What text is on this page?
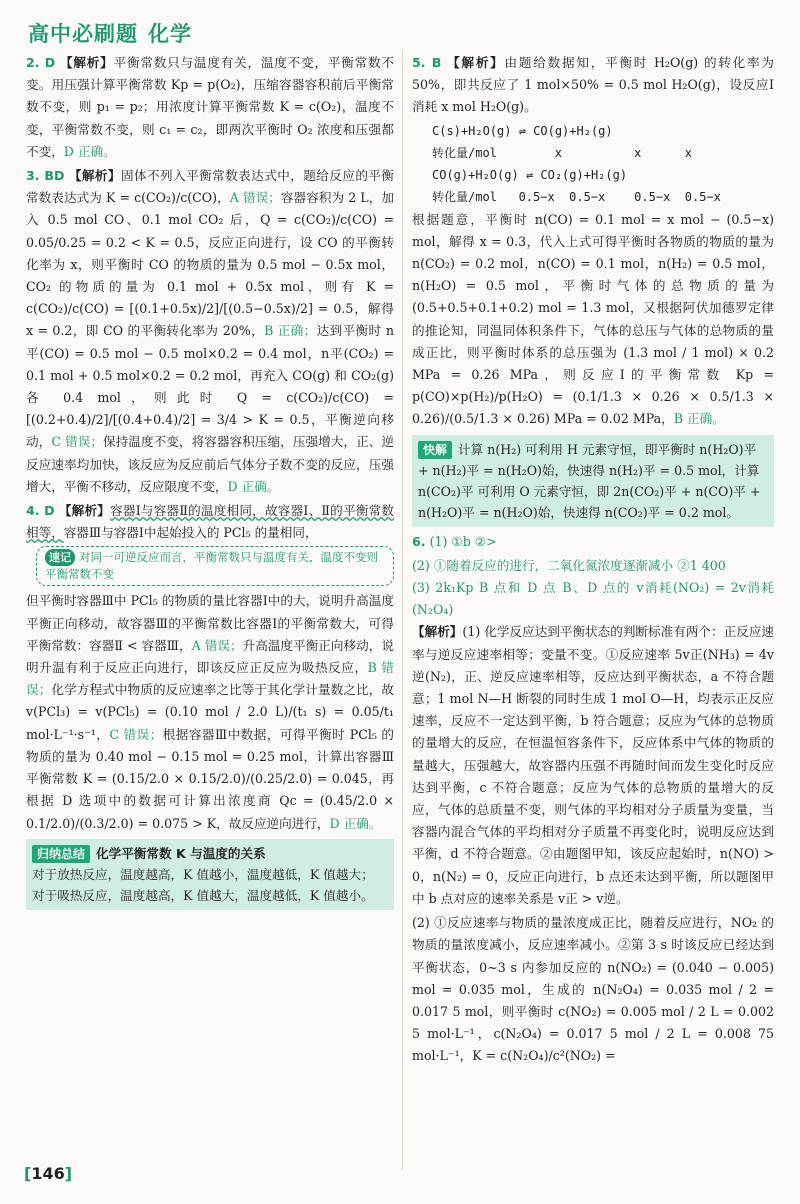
高中必刷题 化学

2. D 【解析】平衡常数只与温度有关，温度不变，平衡常数不变。用压强计算平衡常数 Kp = p(O₂)，压缩容器容积前后平衡常数不变，则 p₁ = p₂；用浓度计算平衡常数 K = c(O₂)，温度不变，平衡常数不变，则 c₁ = c₂，即两次平衡时 O₂ 浓度和压强都不变，D 正确。

3. BD 【解析】固体不列入平衡常数表达式中，题给反应的平衡常数表达式为 K = c(CO₂)/c(CO)，A 错误；容器容积为 2 L，加入 0.5 mol CO、0.1 mol CO₂ 后，Q = c(CO₂)/c(CO) = 0.05/0.25 = 0.2 < K = 0.5，反应正向进行，设 CO 的平衡转化率为 x，则平衡时 CO 的物质的量为 0.5 mol − 0.5x mol，CO₂ 的物质的量为 0.1 mol + 0.5x mol，则有 K = c(CO₂)/c(CO) = [(0.1+0.5x)/2]/[(0.5−0.5x)/2] = 0.5，解得 x = 0.2，即 CO 的平衡转化率为 20%，B 正确；达到平衡时 n平(CO) = 0.5 mol − 0.5 mol×0.2 = 0.4 mol，n平(CO₂) = 0.1 mol + 0.5 mol×0.2 = 0.2 mol，再充入 CO(g) 和 CO₂(g) 各 0.4 mol，则此时 Q = c(CO₂)/c(CO) = [(0.2+0.4)/2]/[(0.4+0.4)/2] = 3/4 > K = 0.5，平衡逆向移动，C 错误；保持温度不变，将容器容积压缩，压强增大，正、逆反应速率均加快，该反应为反应前后气体分子数不变的反应，压强增大，平衡不移动，反应限度不变，D 正确。

4. D 【解析】容器Ⅰ与容器Ⅱ的温度相同，故容器Ⅰ、Ⅱ的平衡常数相等，容器Ⅲ与容器Ⅰ中起始投入的 PCl₅ 的量相同，

速记 对同一可逆反应而言，平衡常数只与温度有关，温度不变则平衡常数不变

但平衡时容器Ⅲ中 PCl₅ 的物质的量比容器Ⅰ中的大，说明升高温度平衡正向移动，故容器Ⅲ的平衡常数比容器Ⅰ的平衡常数大，可得平衡常数：容器Ⅱ < 容器Ⅲ，A 错误；升高温度平衡正向移动，说明升温有利于反应正向进行，即该反应正反应为吸热反应，B 错误；化学方程式中物质的反应速率之比等于其化学计量数之比，故 v(PCl₃) = v(PCl₅) = (0.10 mol / 2.0 L)/(t₁ s) = 0.05/t₁ mol·L⁻¹·s⁻¹，C 错误；根据容器Ⅲ中数据，可得平衡时 PCl₅ 的物质的量为 0.40 mol − 0.15 mol = 0.25 mol，计算出容器Ⅲ平衡常数 K = (0.15/2.0 × 0.15/2.0)/(0.25/2.0) = 0.045，再根据 D 选项中的数据可计算出浓度商 Qc = (0.45/2.0 × 0.1/2.0)/(0.3/2.0) = 0.075 > K，故反应逆向进行，D 正确。

归纳总结 化学平衡常数 K 与温度的关系
对于放热反应，温度越高，K 值越小，温度越低，K 值越大；
对于吸热反应，温度越高，K 值越大，温度越低，K 值越小。

5. B 【解析】由题给数据知，平衡时 H₂O(g) 的转化率为 50%，即共反应了 1 mol×50% = 0.5 mol H₂O(g)，设反应Ⅰ消耗 x mol H₂O(g)。

C(s)+H₂O(g) ⇌ CO(g)+H₂(g)
转化量/mol        x          x      x
CO(g)+H₂O(g) ⇌ CO₂(g)+H₂(g)
转化量/mol   0.5−x  0.5−x    0.5−x  0.5−x

根据题意，平衡时 n(CO) = 0.1 mol = x mol − (0.5−x) mol，解得 x = 0.3，代入上式可得平衡时各物质的物质的量为 n(CO₂) = 0.2 mol，n(CO) = 0.1 mol，n(H₂) = 0.5 mol，n(H₂O) = 0.5 mol，平衡时气体的总物质的量为 (0.5+0.5+0.1+0.2) mol = 1.3 mol，又根据阿伏加德罗定律的推论知，同温同体积条件下，气体的总压与气体的总物质的量成正比，则平衡时体系的总压强为 (1.3 mol / 1 mol) × 0.2 MPa = 0.26 MPa，则反应Ⅰ的平衡常数 Kp = p(CO)×p(H₂)/p(H₂O) = (0.1/1.3 × 0.26 × 0.5/1.3 × 0.26)/(0.5/1.3 × 0.26) MPa = 0.02 MPa，B 正确。

快解 计算 n(H₂) 可利用 H 元素守恒，即平衡时 n(H₂O)平 + n(H₂)平 = n(H₂O)始，快速得 n(H₂)平 = 0.5 mol，计算 n(CO₂)平 可利用 O 元素守恒，即 2n(CO₂)平 + n(CO)平 + n(H₂O)平 = n(H₂O)始，快速得 n(CO₂)平 = 0.2 mol。

6. (1) ①b ②>

(2) ①随着反应的进行，二氧化氮浓度逐渐减小 ②1 400

(3) 2k₁Kp B 点和 D 点 B、D 点的 v消耗(NO₂) = 2v消耗(N₂O₄)

【解析】(1) 化学反应达到平衡状态的判断标准有两个：正反应速率与逆反应速率相等；变量不变。①反应速率 5v正(NH₃) = 4v逆(N₂)，正、逆反应速率相等，反应达到平衡状态，a 不符合题意；1 mol N—H 断裂的同时生成 1 mol O—H，均表示正反应速率，反应不一定达到平衡，b 符合题意；反应为气体的总物质的量增大的反应，在恒温恒容条件下，反应体系中气体的物质的量越大，压强越大，故容器内压强不再随时间而发生变化时反应达到平衡，c 不符合题意；反应为气体的总物质的量增大的反应，气体的总质量不变，则气体的平均相对分子质量为变量，当容器内混合气体的平均相对分子质量不再变化时，说明反应达到平衡，d 不符合题意。②由题图甲知，该反应起始时，n(NO) > 0，n(N₂) = 0，反应正向进行，b 点还未达到平衡，所以题图甲中 b 点对应的速率关系是 v正 > v逆。

(2) ①反应速率与物质的量浓度成正比，随着反应进行，NO₂ 的物质的量浓度减小，反应速率减小。②第 3 s 时该反应已经达到平衡状态，0~3 s 内参加反应的 n(NO₂) = (0.040 − 0.005) mol = 0.035 mol，生成的 n(N₂O₄) = 0.035 mol / 2 = 0.017 5 mol，则平衡时 c(NO₂) = 0.005 mol / 2 L = 0.002 5 mol·L⁻¹，c(N₂O₄) = 0.017 5 mol / 2 L = 0.008 75 mol·L⁻¹，K = c(N₂O₄)/c²(NO₂) =

[146]
